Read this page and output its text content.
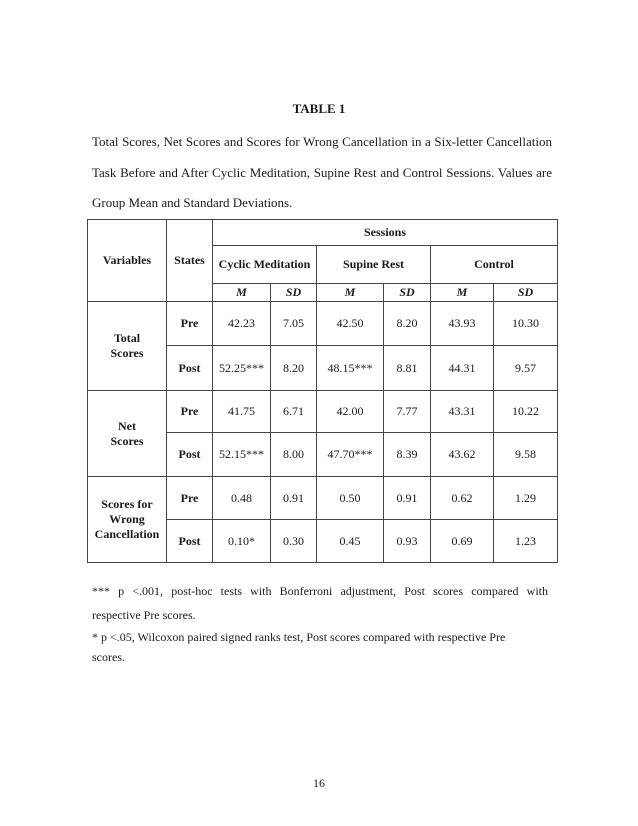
TABLE 1
Total Scores, Net Scores and Scores for Wrong Cancellation in a Six-letter Cancellation
Task Before and After Cyclic Meditation, Supine Rest and Control Sessions. Values are
Group Mean and Standard Deviations.
Variables	States	Sessions					
		Cyclic Meditation		Supine Rest		Control	
		M	SD	M	SD	M	SD
Total
Scores	Pre	42.23	7.05	42.50	8.20	43.93	10.30
	Post	52.25***	8.20	48.15***	8.81	44.31	9.57
Net
Scores	Pre	41.75	6.71	42.00	7.77	43.31	10.22
	Post	52.15***	8.00	47.70***	8.39	43.62	9.58
Scores for
Wrong
Cancellation	Pre	0.48	0.91	0.50	0.91	0.62	1.29
	Post	0.10*	0.30	0.45	0.93	0.69	1.23
*** p <.001, post-hoc tests with Bonferroni adjustment, Post scores compared with
respective Pre scores.
* p <.05, Wilcoxon paired signed ranks test, Post scores compared with respective Pre
scores.
16
